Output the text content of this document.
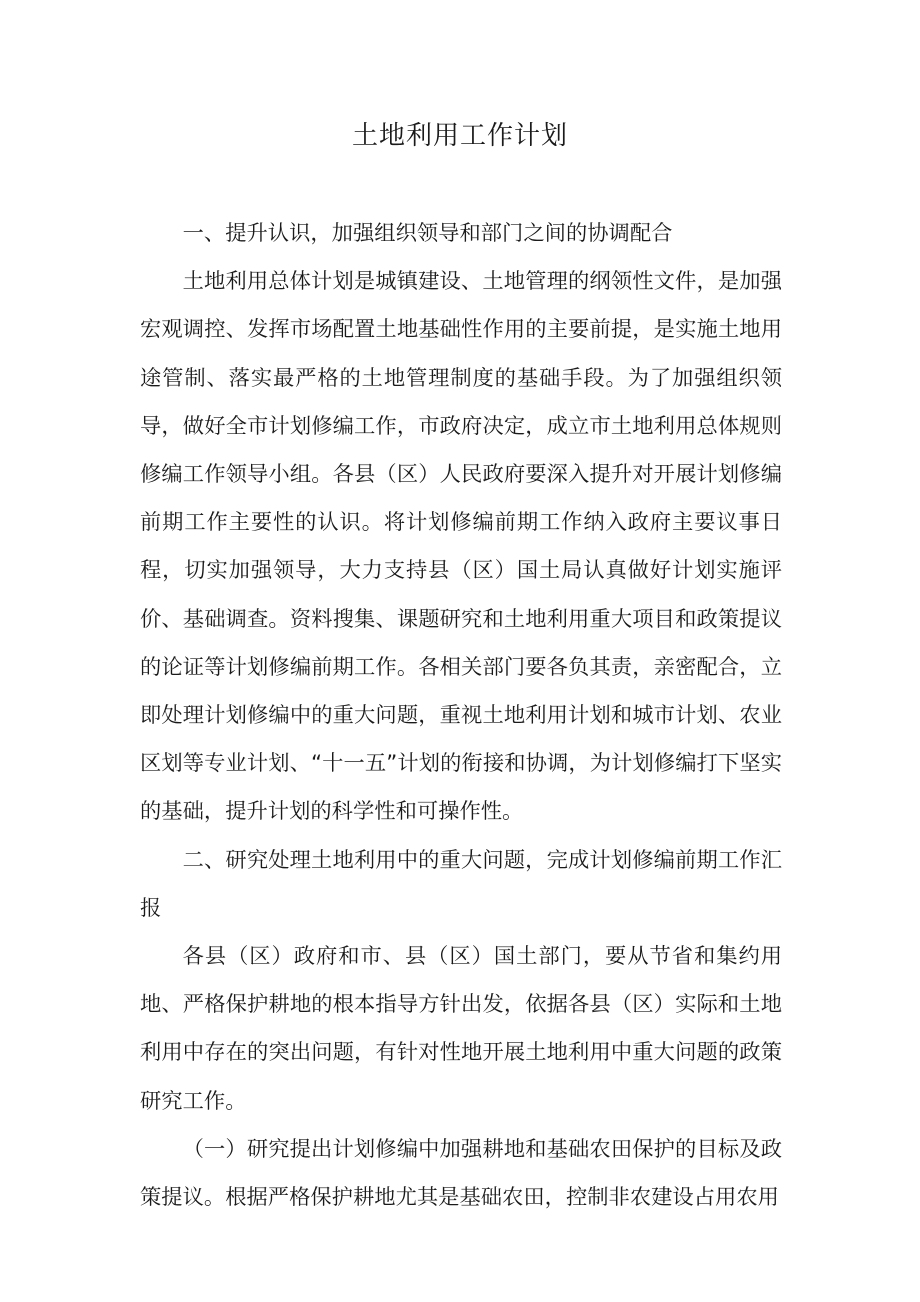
土地利用工作计划

一、提升认识，加强组织领导和部门之间的协调配合

土地利用总体计划是城镇建设、土地管理的纲领性文件，是加强宏观调控、发挥市场配置土地基础性作用的主要前提，是实施土地用途管制、落实最严格的土地管理制度的基础手段。为了加强组织领导，做好全市计划修编工作，市政府决定，成立市土地利用总体规则修编工作领导小组。各县（区）人民政府要深入提升对开展计划修编前期工作主要性的认识。将计划修编前期工作纳入政府主要议事日程，切实加强领导，大力支持县（区）国土局认真做好计划实施评价、基础调查。资料搜集、课题研究和土地利用重大项目和政策提议的论证等计划修编前期工作。各相关部门要各负其责，亲密配合，立即处理计划修编中的重大问题，重视土地利用计划和城市计划、农业区划等专业计划、“十一五”计划的衔接和协调，为计划修编打下坚实的基础，提升计划的科学性和可操作性。

二、研究处理土地利用中的重大问题，完成计划修编前期工作汇报

各县（区）政府和市、县（区）国土部门，要从节省和集约用地、严格保护耕地的根本指导方针出发，依据各县（区）实际和土地利用中存在的突出问题，有针对性地开展土地利用中重大问题的政策研究工作。

（一）研究提出计划修编中加强耕地和基础农田保护的目标及政策提议。根据严格保护耕地尤其是基础农田，控制非农建设占用农用
